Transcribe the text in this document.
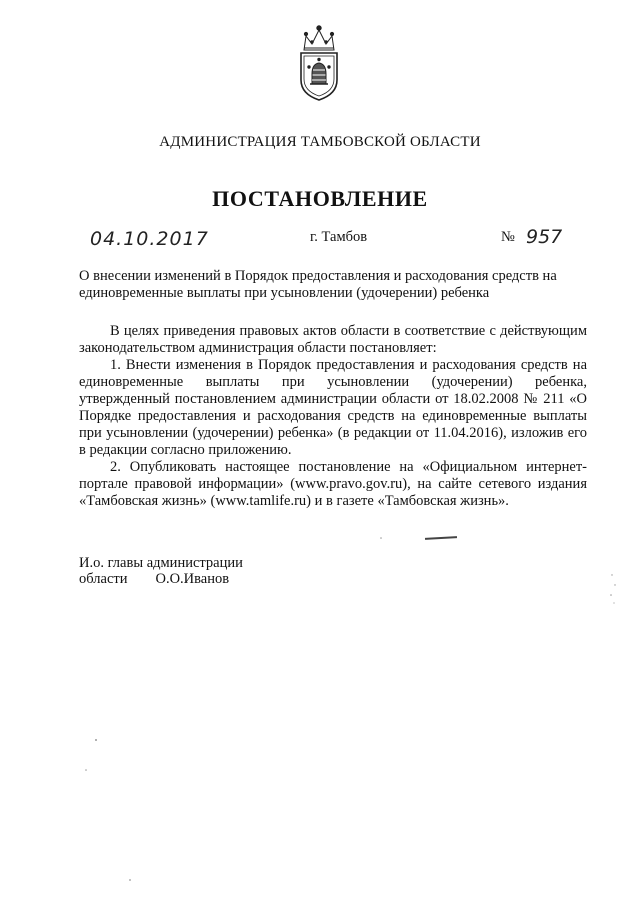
АДМИНИСТРАЦИЯ ТАМБОВСКОЙ ОБЛАСТИ
ПОСТАНОВЛЕНИЕ
04.10.2017	г. Тамбов	№ 957
О внесении изменений в Порядок предоставления и расходования средств на единовременные выплаты при усыновлении (удочерении) ребенка

В целях приведения правовых актов области в соответствие с действующим законодательством администрация области постановляет:

1. Внести изменения в Порядок предоставления и расходования средств на единовременные выплаты при усыновлении (удочерении) ребенка, утвержденный постановлением администрации области от 18.02.2008 № 211 «О Порядке предоставления и расходования средств на единовременные выплаты при усыновлении (удочерении) ребенка» (в редакции от 11.04.2016), изложив его в редакции согласно приложению.

2. Опубликовать настоящее постановление на «Официальном интернет-портале правовой информации» (www.pravo.gov.ru), на сайте сетевого издания «Тамбовская жизнь» (www.tamlife.ru) и в газете «Тамбовская жизнь».

И.о. главы администрации
области О.О.Иванов
